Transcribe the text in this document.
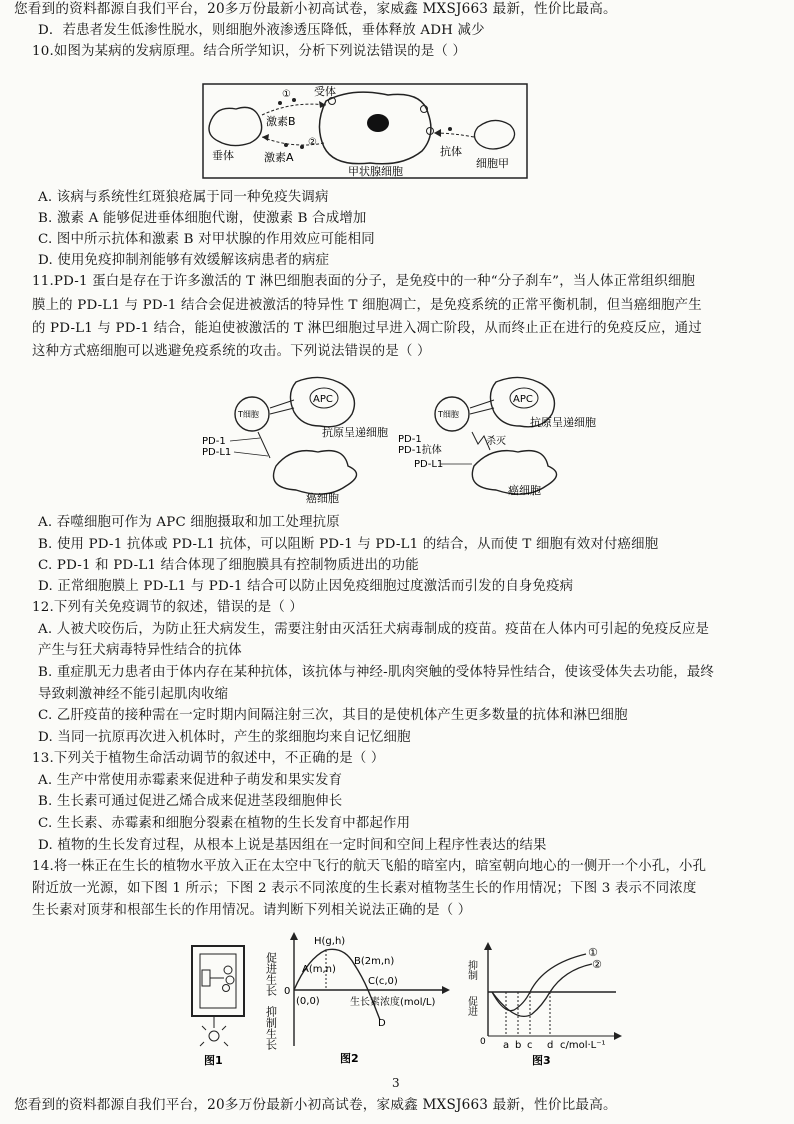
您看到的资料都源自我们平台，20多万份最新小初高试卷，家威鑫 MXSJ663 最新，性价比最高。
D．若患者发生低渗性脱水，则细胞外液渗透压降低，垂体释放 ADH 减少
10.如图为某病的发病原理。结合所学知识，分析下列说法错误的是（ ）
受体
①
激素B
②
激素A
垂体
甲状腺细胞
抗体
细胞甲
A. 该病与系统性红斑狼疮属于同一种免疫失调病
B. 激素 A 能够促进垂体细胞代谢，使激素 B 合成增加
C. 图中所示抗体和激素 B 对甲状腺的作用效应可能相同
D. 使用免疫抑制剂能够有效缓解该病患者的病症
11.PD-1 蛋白是存在于许多激活的 T 淋巴细胞表面的分子，是免疫中的一种“分子刹车”，当人体正常组织细胞
膜上的 PD-L1 与 PD-1 结合会促进被激活的特异性 T 细胞凋亡，是免疫系统的正常平衡机制，但当癌细胞产生
的 PD-L1 与 PD-1 结合，能迫使被激活的 T 淋巴细胞过早进入凋亡阶段，从而终止正在进行的免疫反应，通过
这种方式癌细胞可以逃避免疫系统的攻击。下列说法错误的是（ ）
APC
T细胞
抗原呈递细胞
PD-1
PD-L1
癌细胞
APC
T细胞
抗原呈递细胞
杀灭
PD-1
PD-1抗体
PD-L1
癌细胞
A. 吞噬细胞可作为 APC 细胞摄取和加工处理抗原
B. 使用 PD-1 抗体或 PD-L1 抗体，可以阻断 PD-1 与 PD-L1 的结合，从而使 T 细胞有效对付癌细胞
C. PD-1 和 PD-L1 结合体现了细胞膜具有控制物质进出的功能
D. 正常细胞膜上 PD-L1 与 PD-1 结合可以防止因免疫细胞过度激活而引发的自身免疫病
12.下列有关免疫调节的叙述，错误的是（ ）
A. 人被犬咬伤后，为防止狂犬病发生，需要注射由灭活狂犬病毒制成的疫苗。疫苗在人体内可引起的免疫反应是
产生与狂犬病毒特异性结合的抗体
B. 重症肌无力患者由于体内存在某种抗体，该抗体与神经-肌肉突触的受体特异性结合，使该受体失去功能，最终
导致刺激神经不能引起肌肉收缩
C. 乙肝疫苗的接种需在一定时期内间隔注射三次，其目的是使机体产生更多数量的抗体和淋巴细胞
D. 当同一抗原再次进入机体时，产生的浆细胞均来自记忆细胞
13.下列关于植物生命活动调节的叙述中，不正确的是（ ）
A. 生产中常使用赤霉素来促进种子萌发和果实发育
B. 生长素可通过促进乙烯合成来促进茎段细胞伸长
C. 生长素、赤霉素和细胞分裂素在植物的生长发育中都起作用
D. 植物的生长发育过程，从根本上说是基因组在一定时间和空间上程序性表达的结果
14.将一株正在生长的植物水平放入正在太空中飞行的航天飞船的暗室内，暗室朝向地心的一侧开一个小孔，小孔
附近放一光源，如下图 1 所示；下图 2 表示不同浓度的生长素对植物茎生长的作用情况；下图 3 表示不同浓度
生长素对顶芽和根部生长的作用情况。请判断下列相关说法正确的是（ ）
图1
促进生长 0
抑制生长
H(g,h)
A(m,n)
B(2m,n)
C(c,0)
(0,0)	生长素浓度(mol/L)
D
图2
抑制
促进
①
②
0 a b c d c/mol·L⁻¹
图3
3
您看到的资料都源自我们平台，20多万份最新小初高试卷，家威鑫 MXSJ663 最新，性价比最高。
